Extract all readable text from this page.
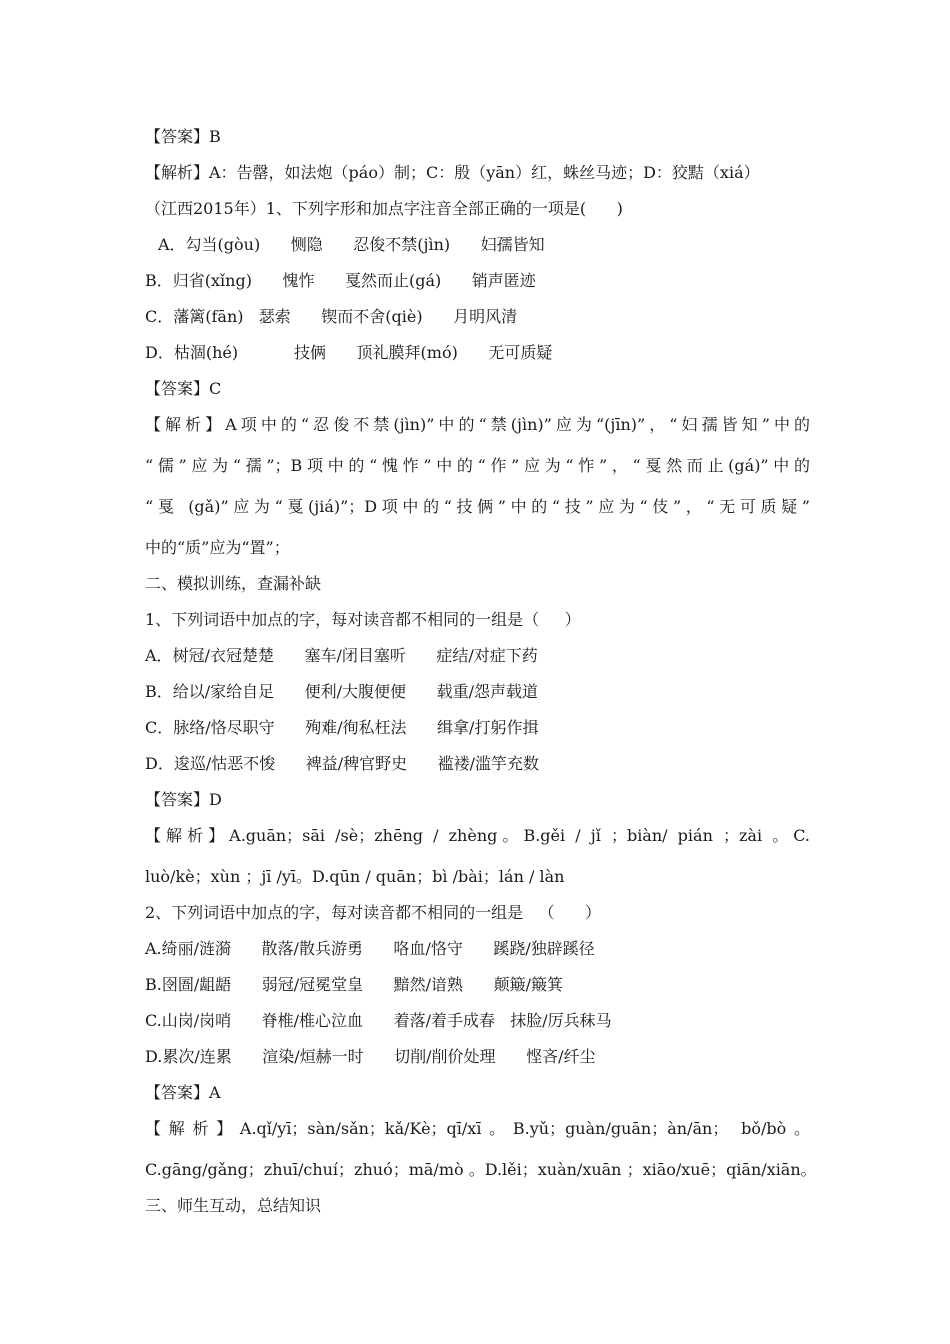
【答案】B
【解析】A：告罄，如法炮（páo）制；C：殷（yān）红，蛛丝马迹；D：狡黠（xiá）
（江西2015年）1、下列字形和加点字注音全部正确的一项是(      )
A．勾当(gòu)      恻隐      忍俊不禁(jìn)      妇孺皆知
B．归省(xǐng)      愧怍      戛然而止(gá)      销声匿迹
C．藩篱(fān)   瑟索      锲而不舍(qiè)      月明风清
D．枯涸(hé)           技俩      顶礼膜拜(mó)      无可质疑
【答案】C
【解析】A项中的“忍俊不禁(jìn)”中的“禁(jìn)”应为“(jīn)”，“妇孺皆知”中的
“儒”应为“孺”；B项中的“愧怍”中的“作”应为“怍”，“戛然而止(gá)”中的
“戛 (gǎ)”应为“戛(jiá)”；D项中的“技俩”中的“技”应为“伎”，“无可质疑”
中的“质”应为“置”；
二、模拟训练，查漏补缺
1、下列词语中加点的字，每对读音都不相同的一组是（     ）
A．树冠/衣冠楚楚      塞车/闭目塞听      症结/对症下药
B．给以/家给自足      便利/大腹便便      载重/怨声载道
C．脉络/恪尽职守      殉难/徇私枉法      缉拿/打躬作揖
D．逡巡/怙恶不悛      裨益/稗官野史      褴褛/滥竽充数
【答案】D
【解析】A.guān；sāi /sè；zhēng / zhèng。B.gěi / jǐ ；biàn/ pián ；zài 。C.
luò/kè；xùn ；jī /yī。D.qūn / quān；bì /bài；lán / làn
2、下列词语中加点的字，每对读音都不相同的一组是   （      ）
A.绮丽/涟漪      散落/散兵游勇      咯血/恪守      蹊跷/独辟蹊径
B.囹圄/龃龉      弱冠/冠冕堂皇      黯然/谙熟      颠簸/簸箕
C.山岗/岗哨      脊椎/椎心泣血      着落/着手成春   抹脸/厉兵秣马
D.累次/连累      渲染/烜赫一时      切削/削价处理      悭吝/纤尘
【答案】A
【解析】A.qǐ/yī；sàn/sǎn；kǎ/Kè；qī/xī。B.yǔ；guàn/guān；àn/ān； bǒ/bò。
C.gāng/gǎng；zhuī/chuí；zhuó；mā/mò 。D.lěi；xuàn/xuān ；xiāo/xuē；qiān/xiān。
三、师生互动，总结知识
